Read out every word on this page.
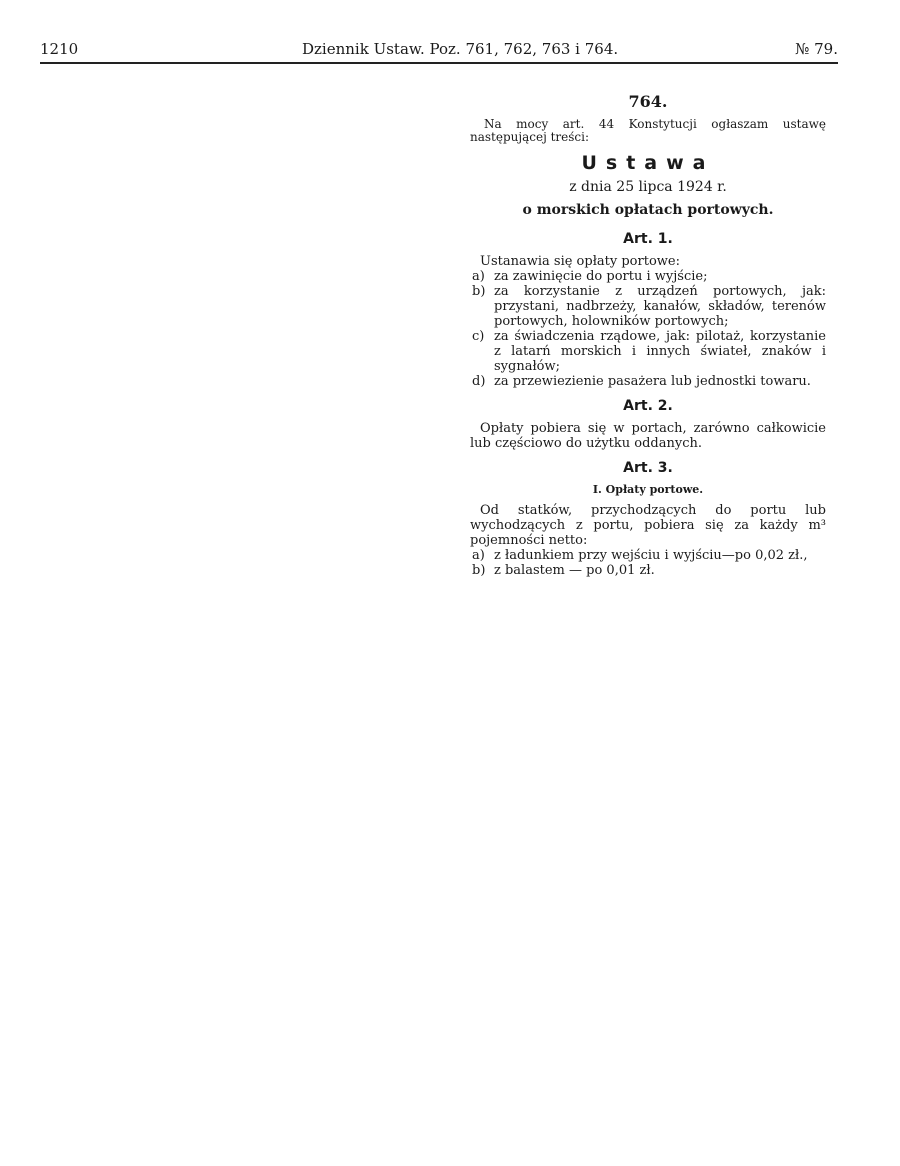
1210	Dziennik Ustaw. Poz. 761, 762, 763 i 764.	№ 79.
764.

Na mocy art. 44 Konstytucji ogłaszam ustawę następującej treści:

Ustawa
z dnia 25 lipca 1924 r.
o morskich opłatach portowych.
Art. 1.

Ustanawia się opłaty portowe:

a) za zawinięcie do portu i wyjście;
b) za korzystanie z urządzeń portowych, jak: przystani, nadbrzeży, kanałów, składów, terenów portowych, holowników portowych;
c) za świadczenia rządowe, jak: pilotaż, korzystanie z latarń morskich i innych świateł, znaków i sygnałów;
d) za przewiezienie pasażera lub jednostki towaru.
Art. 2.

Opłaty pobiera się w portach, zarówno całkowicie lub częściowo do użytku oddanych.

Art. 3.
I. Opłaty portowe.

Od statków, przychodzących do portu lub wychodzących z portu, pobiera się za każdy m³ pojemności netto:

a) z ładunkiem przy wejściu i wyjściu—po 0,02 zł.,
b) z balastem — po 0,01 zł.
